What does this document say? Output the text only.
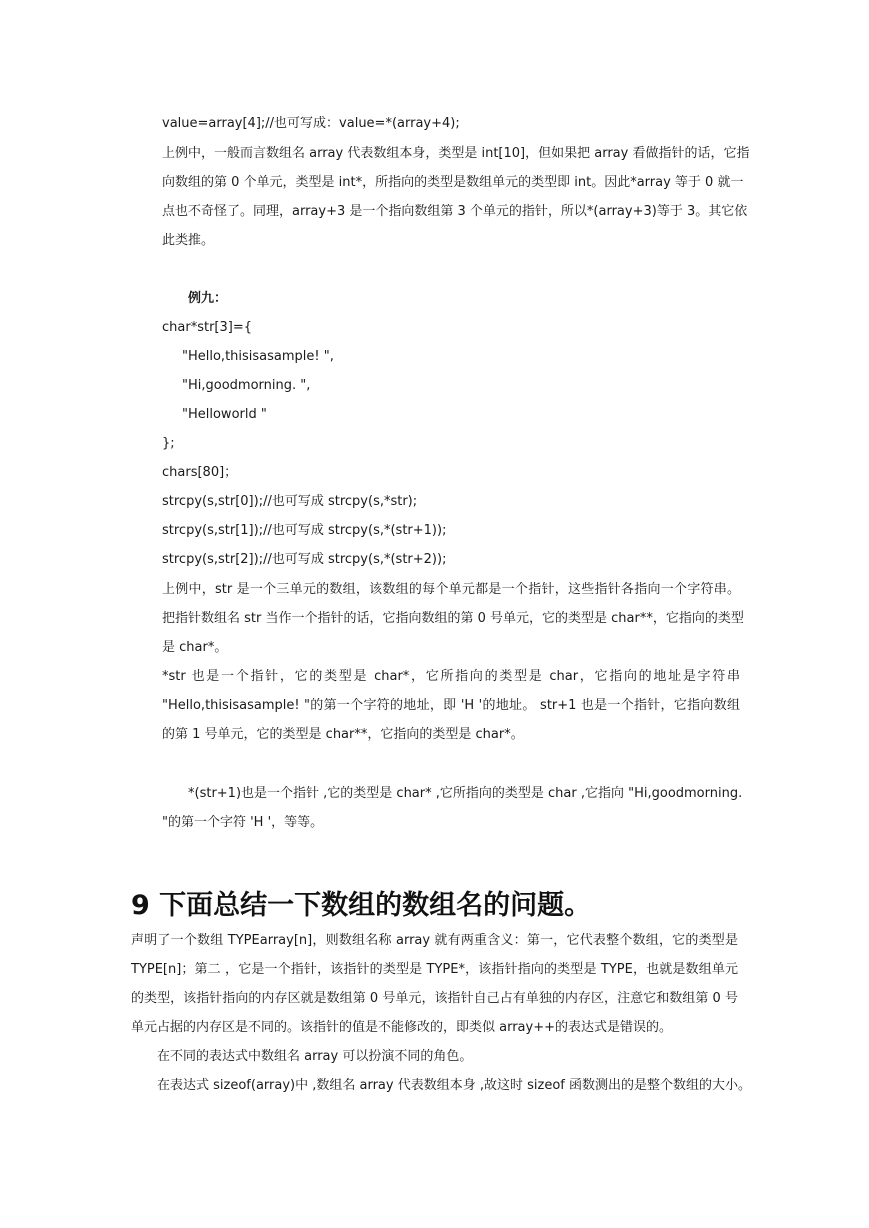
value=array[4];//也可写成：value=*(array+4);
上例中，一般而言数组名 array 代表数组本身，类型是 int[10]，但如果把 array 看做指针的话，它指
向数组的第 0 个单元，类型是 int*，所指向的类型是数组单元的类型即 int。因此*array 等于 0 就一
点也不奇怪了。同理，array+3 是一个指向数组第 3 个单元的指针，所以*(array+3)等于 3。其它依
此类推。
例九：
char*str[3]={
"Hello,thisisasample! ",
"Hi,goodmorning. ",
"Helloworld "
};
chars[80]；
strcpy(s,str[0]);//也可写成 strcpy(s,*str);
strcpy(s,str[1]);//也可写成 strcpy(s,*(str+1));
strcpy(s,str[2]);//也可写成 strcpy(s,*(str+2));
上例中，str 是一个三单元的数组，该数组的每个单元都是一个指针，这些指针各指向一个字符串。
把指针数组名 str 当作一个指针的话，它指向数组的第 0 号单元，它的类型是 char**，它指向的类型
是 char*。
*str 也是一个指针，它的类型是 char*，它所指向的类型是 char，它指向的地址是字符串
"Hello,thisisasample! "的第一个字符的地址，即 'H '的地址。 str+1 也是一个指针，它指向数组
的第 1 号单元，它的类型是 char**，它指向的类型是 char*。
*(str+1)也是一个指针 ,它的类型是 char* ,它所指向的类型是 char ,它指向 "Hi,goodmorning.
"的第一个字符 'H '，等等。
9 下面总结一下数组的数组名的问题。
声明了一个数组 TYPEarray[n]，则数组名称 array 就有两重含义：第一，它代表整个数组，它的类型是
TYPE[n]；第二 ，它是一个指针，该指针的类型是 TYPE*，该指针指向的类型是 TYPE，也就是数组单元
的类型，该指针指向的内存区就是数组第 0 号单元，该指针自己占有单独的内存区，注意它和数组第 0 号
单元占据的内存区是不同的。该指针的值是不能修改的，即类似 array++的表达式是错误的。
在不同的表达式中数组名 array 可以扮演不同的角色。
在表达式 sizeof(array)中 ,数组名 array 代表数组本身 ,故这时 sizeof 函数测出的是整个数组的大小。
